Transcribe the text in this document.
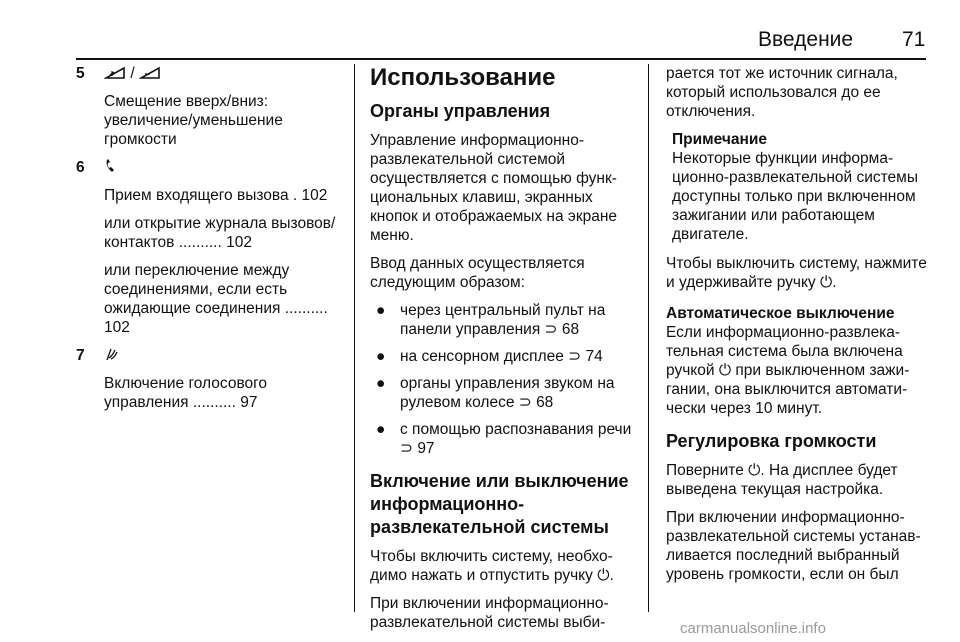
Введение 71
5	/

Смещение вверх/вниз: увеличение/уменьшение громкости

6

Прием входящего вызова . 102

или открытие журнала вызовов/контактов .......... 102

или переключение между соединениями, если есть ожидающие соединения .......... 102

7

Включение голосового управления .......... 97

Использование
Органы управления

Управление информационно-развлекательной системой осуществляется с помощью функ-циональных клавиш, экранных кнопок и отображаемых на экране меню.

Ввод данных осуществляется следующим образом:

● через центральный пульт на панели управления ⊃ 68
● на сенсорном дисплее ⊃ 74
● органы управления звуком на рулевом колесе ⊃ 68
● с помощью распознавания речи ⊃ 97
Включение или выключение информационно-развлекательной системы

Чтобы включить систему, необхо-димо нажать и отпустить ручку ⏻.

При включении информационно-развлекательной системы выби-

рается тот же источник сигнала, который использовался до ее отключения.

Примечание
Некоторые функции информа-ционно-развлекательной системы доступны только при включенном зажигании или работающем двигателе.

Чтобы выключить систему, нажмите и удерживайте ручку ⏻.

Автоматическое выключение

Если информационно-развлека-тельная система была включена ручкой ⏻ при выключенном зажи-гании, она выключится автомати-чески через 10 минут.

Регулировка громкости

Поверните ⏻. На дисплее будет выведена текущая настройка.

При включении информационно-развлекательной системы устанав-ливается последний выбранный уровень громкости, если он был

carmanualsonline.info
